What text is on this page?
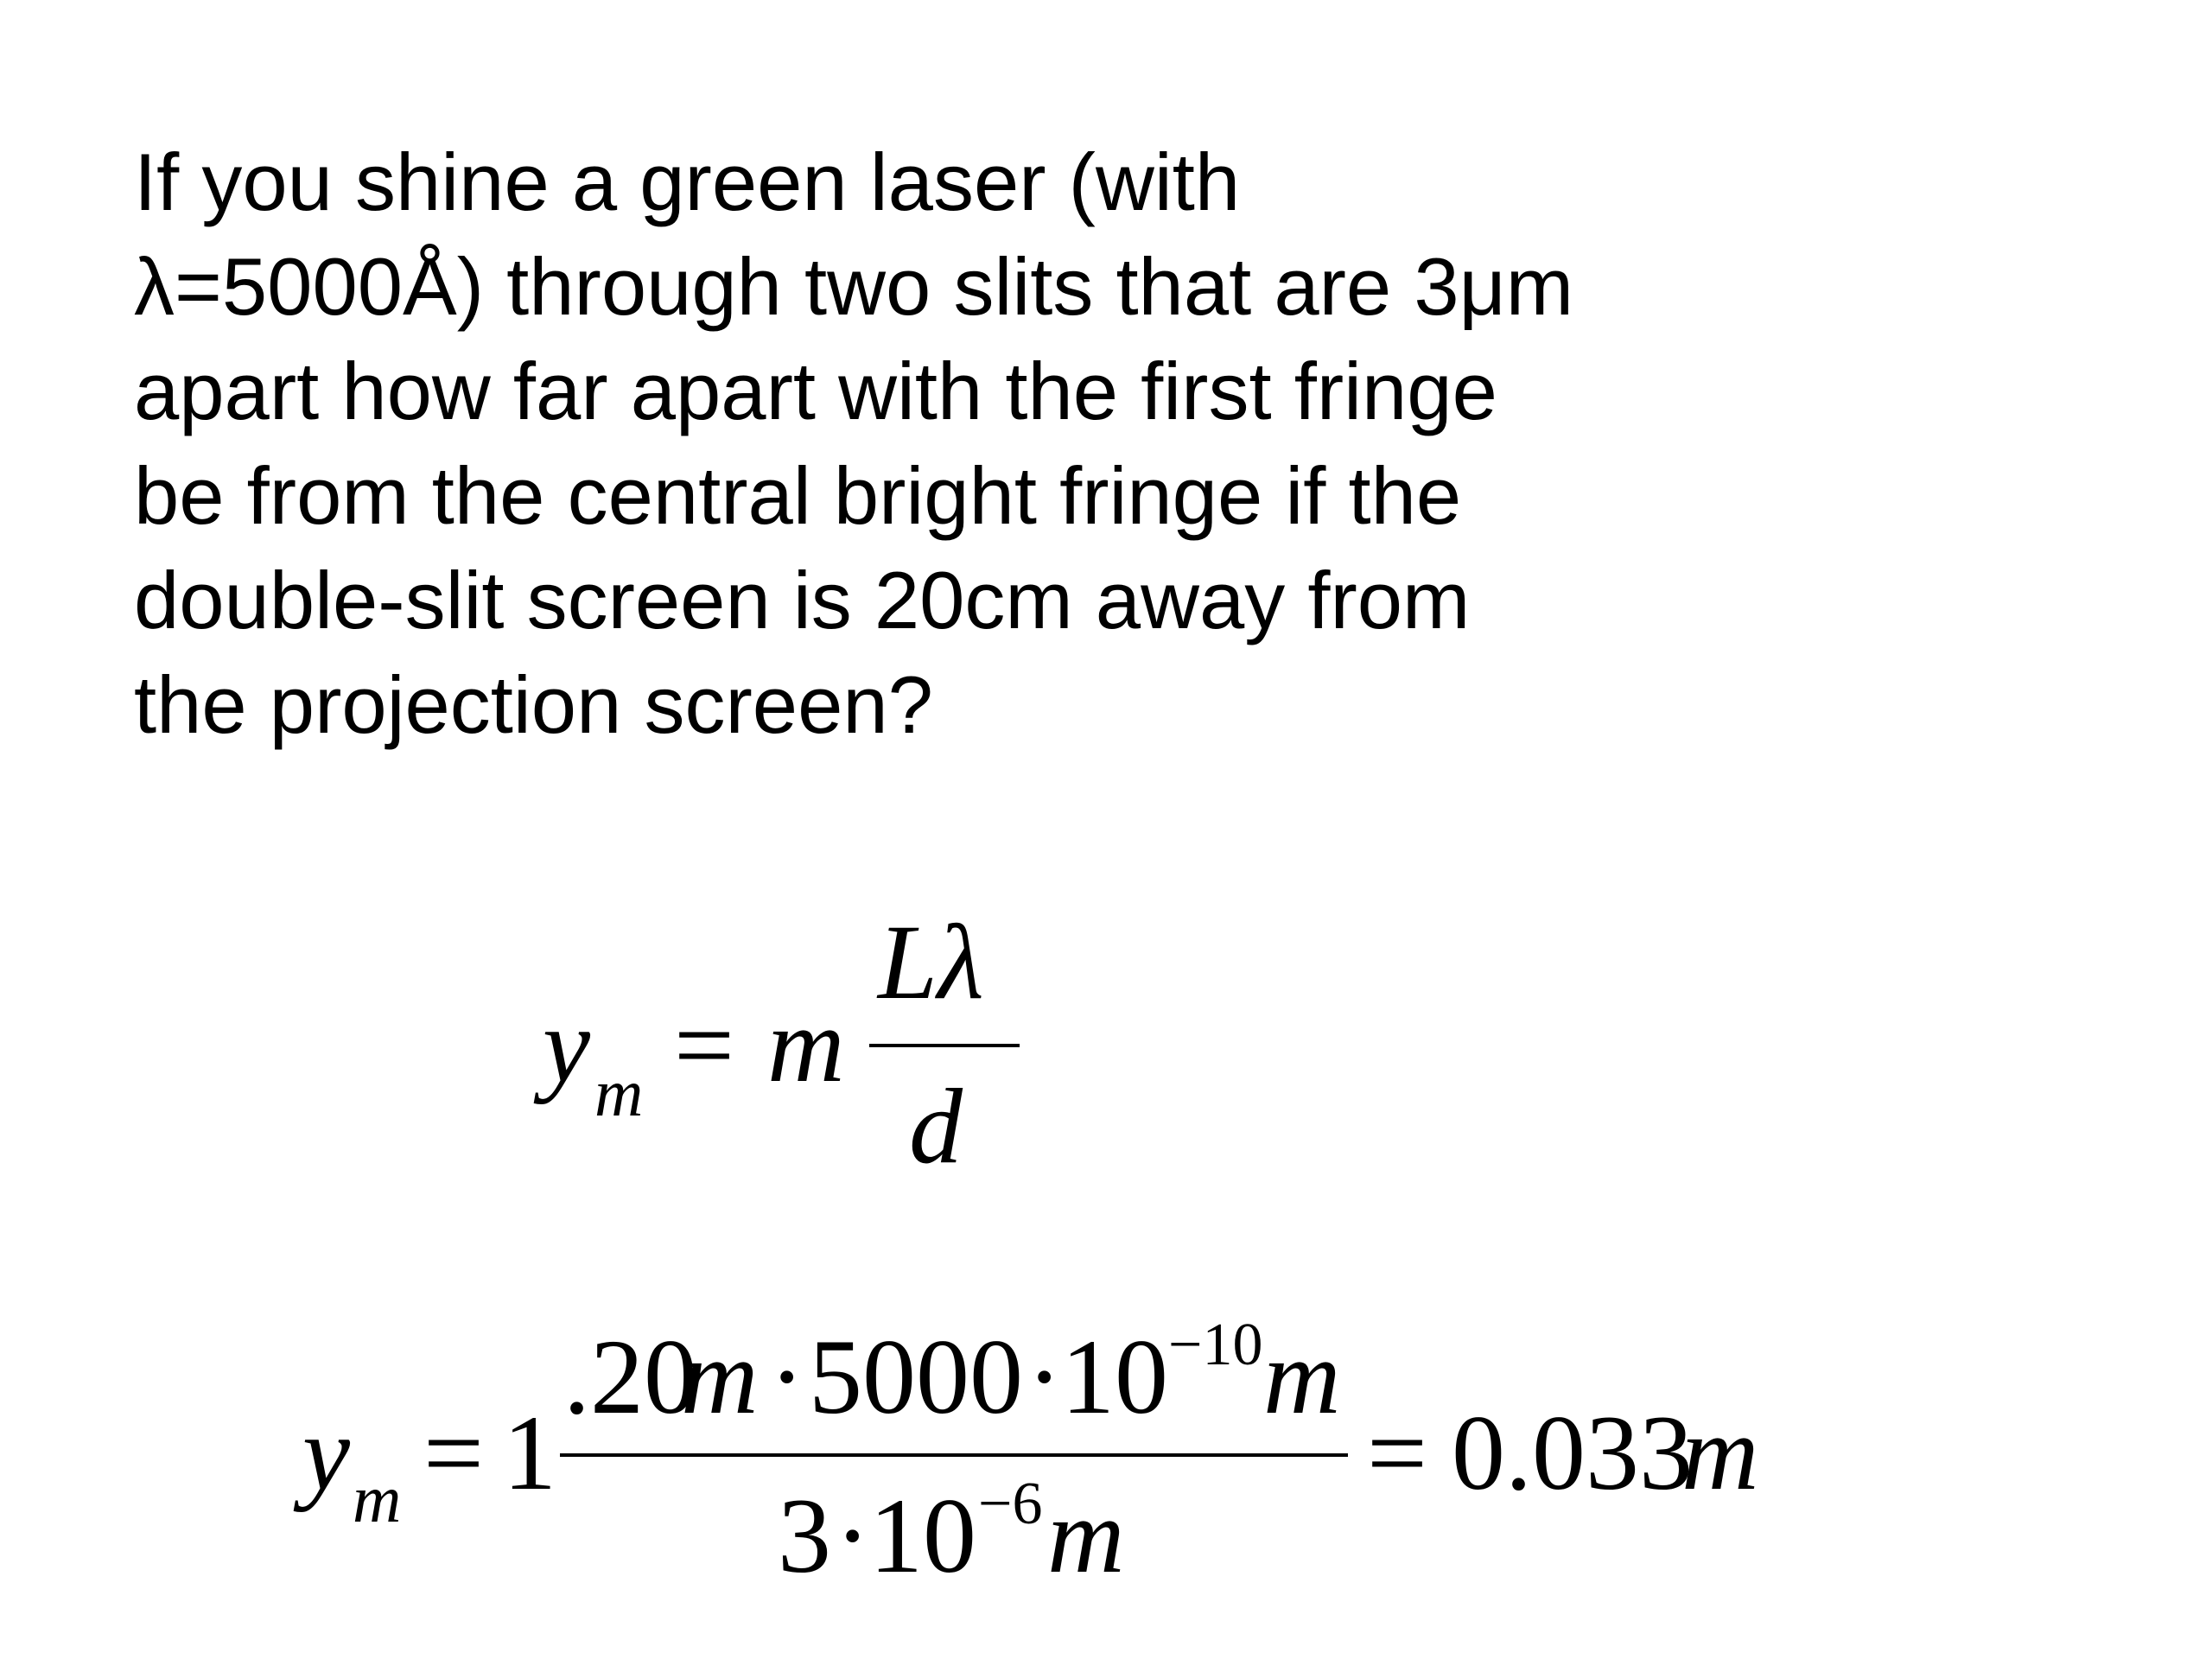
If you shine a green laser (with
λ=5000Å) through two slits that are 3μm
apart how far apart with the first fringe
be from the central bright fringe if the
double-slit screen is 20cm away from
the projection screen?

y m = m
Lλ
d
y m = 1
.20
m · 5000 ·
10 −10 m
3 ·
10 −6 m
= 0.033
m
